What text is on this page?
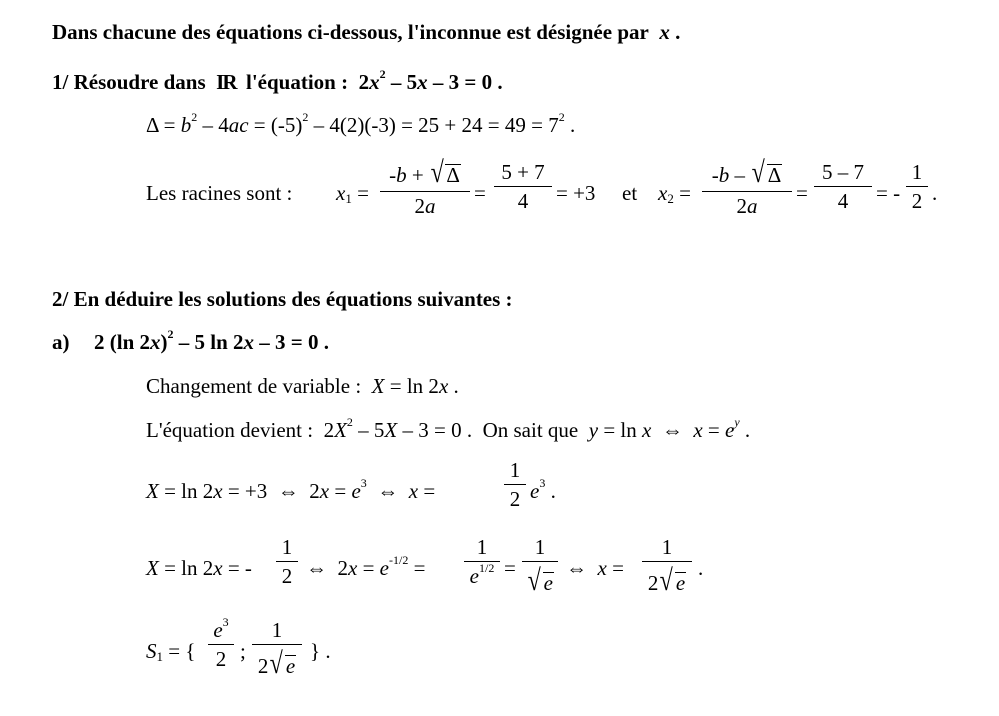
Dans chacune des équations ci-dessous, l'inconnue est désignée par x .
1/ Résoudre dans IR l'équation : $2x^2 - 5x - 3 = 0$ .
$\Delta = b^2 - 4ac = (-5)^2 - 4(2)(-3) = 25 + 24 = 49 = 7^2$ .
Les racines sont : $x_1$ =
-b + √ Δ
2a
=
5 + 7
4	= +3 et $x_2$ =
-b – √ Δ
2a
=
5 – 7
4	= -
1
2 .
2/ En déduire les solutions des équations suivantes :
a) 2 (ln 2x)$^2$ – 5 ln 2x – 3 = 0 .
Changement de variable :  X = ln 2x .
L'équation devient :  $2X^2 - 5X - 3 = 0$ .  On sait que  y = ln x  ⇔  $x = e^y$ .
X = ln 2x = +3  ⇔  $2x = e^3$  ⇔  x =
1
2 $e^3$ .
X = ln 2x = -
1
2 ⇔  $2x = e^{-1/2}$ =
1
$e^{1/2}$ =
1
√ e
⇔  x =
1
2√ e
.
$S_1$ = {
$e^3$
2 ;
1
2√ e
} .
